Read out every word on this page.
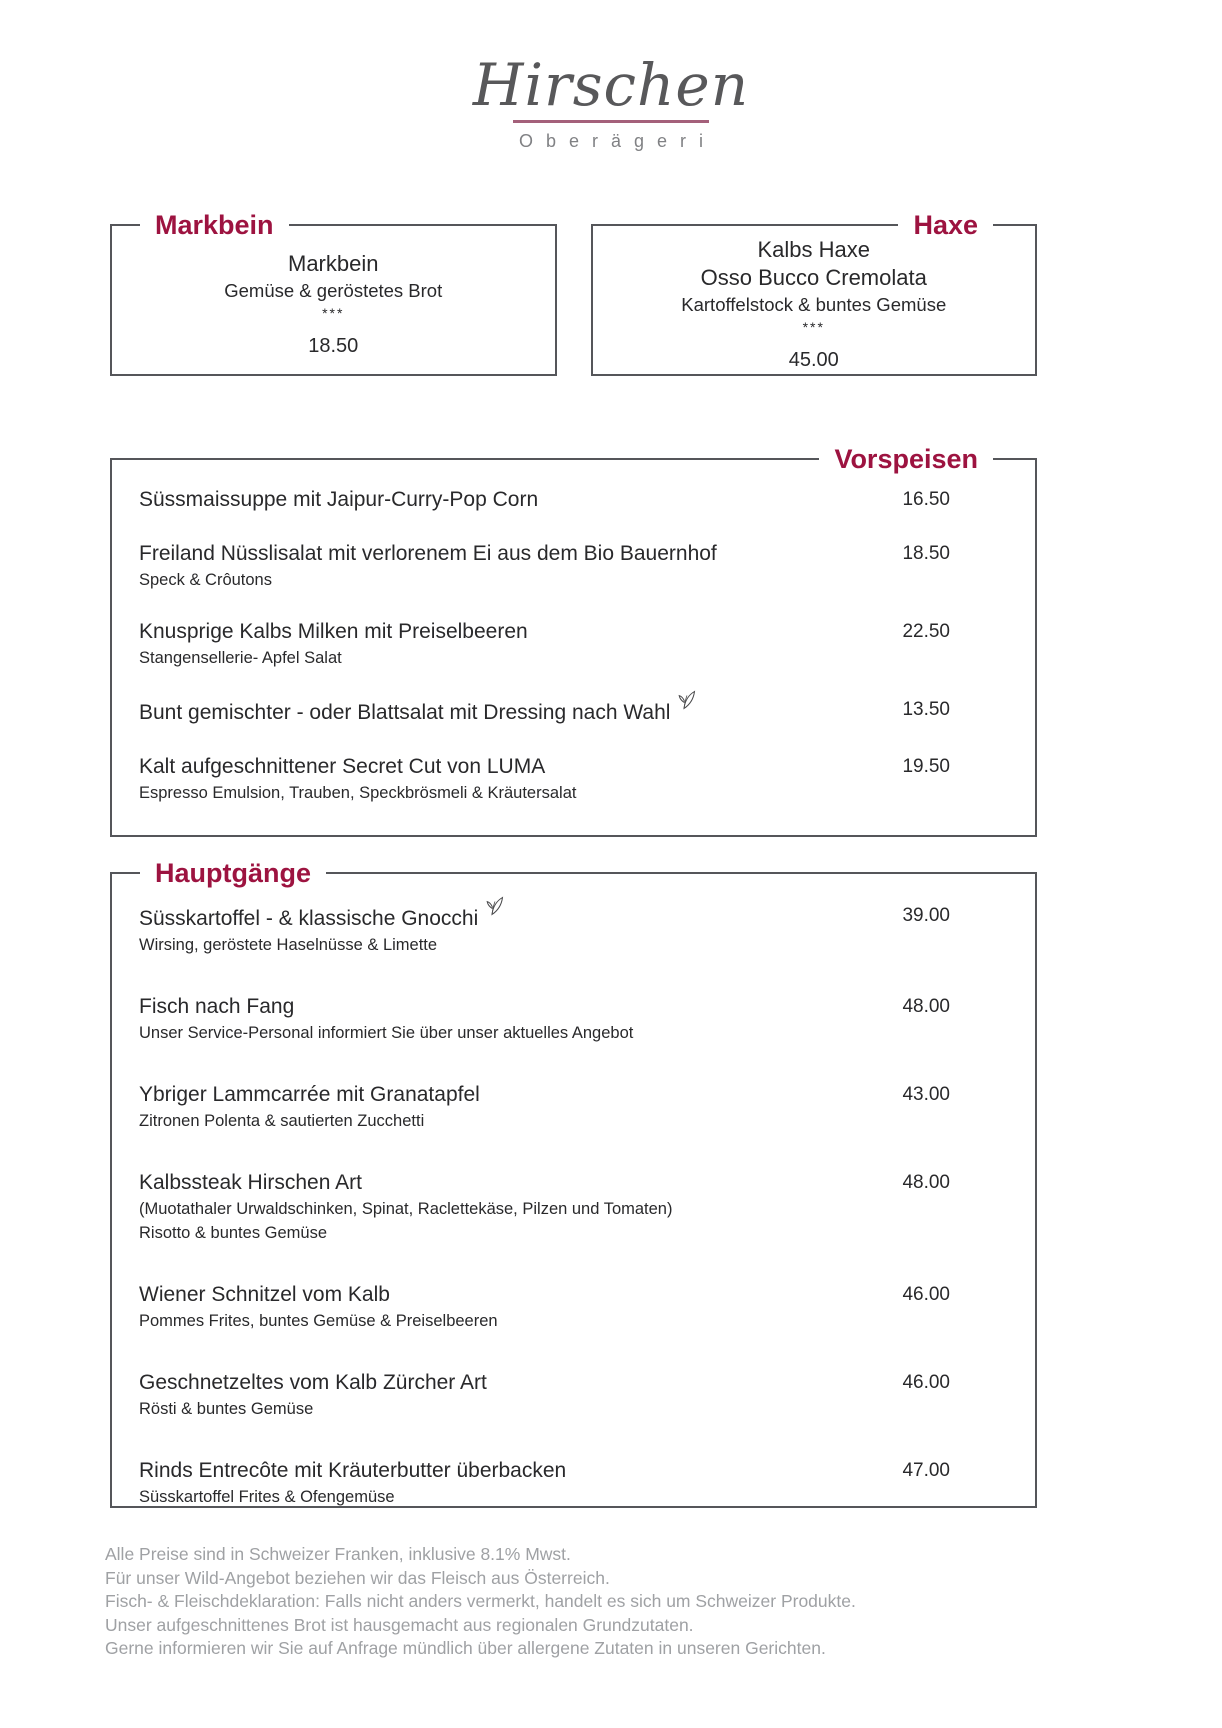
Hirschen
Oberägeri
Markbein
Markbein
Gemüse & geröstetes Brot
***
18.50
Haxe
Kalbs Haxe
Osso Bucco Cremolata
Kartoffelstock & buntes Gemüse
***
45.00
Vorspeisen
Süssmaissuppe mit Jaipur-Curry-Pop Corn	16.50
Freiland Nüsslisalat mit verlorenem Ei aus dem Bio Bauernhof
Speck & Crôutons
18.50
Knusprige Kalbs Milken mit Preiselbeeren
Stangensellerie- Apfel Salat
22.50
Bunt gemischter - oder Blattsalat mit Dressing nach Wahl	13.50
Kalt aufgeschnittener Secret Cut von LUMA
Espresso Emulsion, Trauben, Speckbrösmeli & Kräutersalat
19.50
Hauptgänge
Süsskartoffel - & klassische Gnocchi
Wirsing, geröstete Haselnüsse & Limette
39.00
Fisch nach Fang
Unser Service-Personal informiert Sie über unser aktuelles Angebot
48.00
Ybriger Lammcarrée mit Granatapfel
Zitronen Polenta & sautierten Zucchetti
43.00
Kalbssteak Hirschen Art
(Muotathaler Urwaldschinken, Spinat, Raclettekäse, Pilzen und Tomaten)
Risotto & buntes Gemüse
48.00
Wiener Schnitzel vom Kalb
Pommes Frites, buntes Gemüse & Preiselbeeren
46.00
Geschnetzeltes vom Kalb Zürcher Art
Rösti & buntes Gemüse
46.00
Rinds Entrecôte mit Kräuterbutter überbacken
Süsskartoffel Frites & Ofengemüse
47.00
Alle Preise sind in Schweizer Franken, inklusive 8.1% Mwst.
Für unser Wild-Angebot beziehen wir das Fleisch aus Österreich.
Fisch- & Fleischdeklaration: Falls nicht anders vermerkt, handelt es sich um Schweizer Produkte.
Unser aufgeschnittenes Brot ist hausgemacht aus regionalen Grundzutaten.
Gerne informieren wir Sie auf Anfrage mündlich über allergene Zutaten in unseren Gerichten.
